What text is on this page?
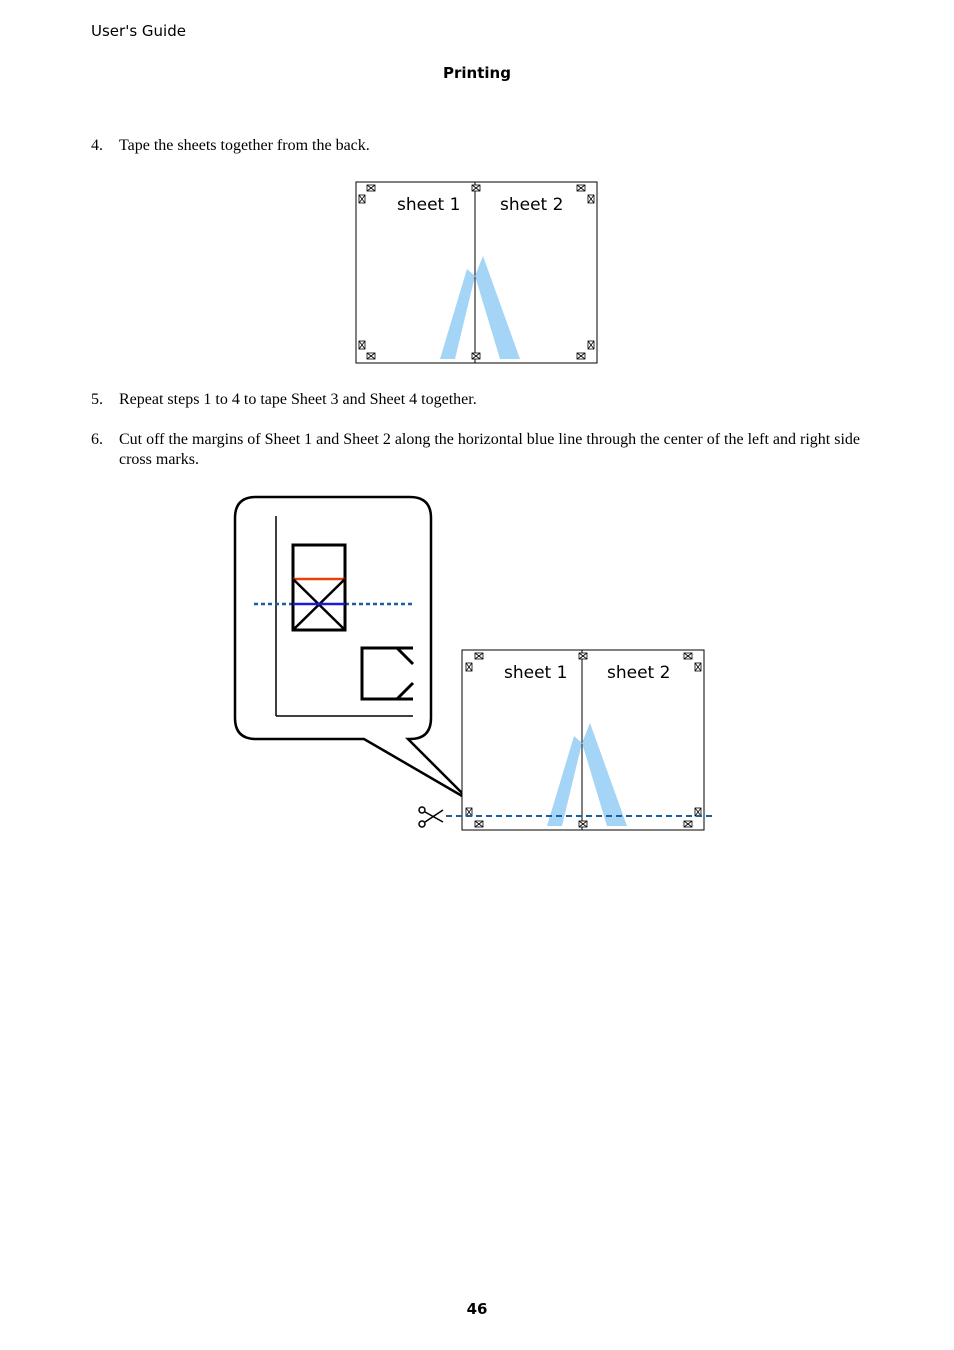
User's Guide
Printing
4. Tape the sheets together from the back.
sheet 1 sheet 2
5. Repeat steps 1 to 4 to tape Sheet 3 and Sheet 4 together.
6. Cut off the margins of Sheet 1 and Sheet 2 along the horizontal blue line through the center of the left and right side cross marks.
sheet 1 sheet 2
46
